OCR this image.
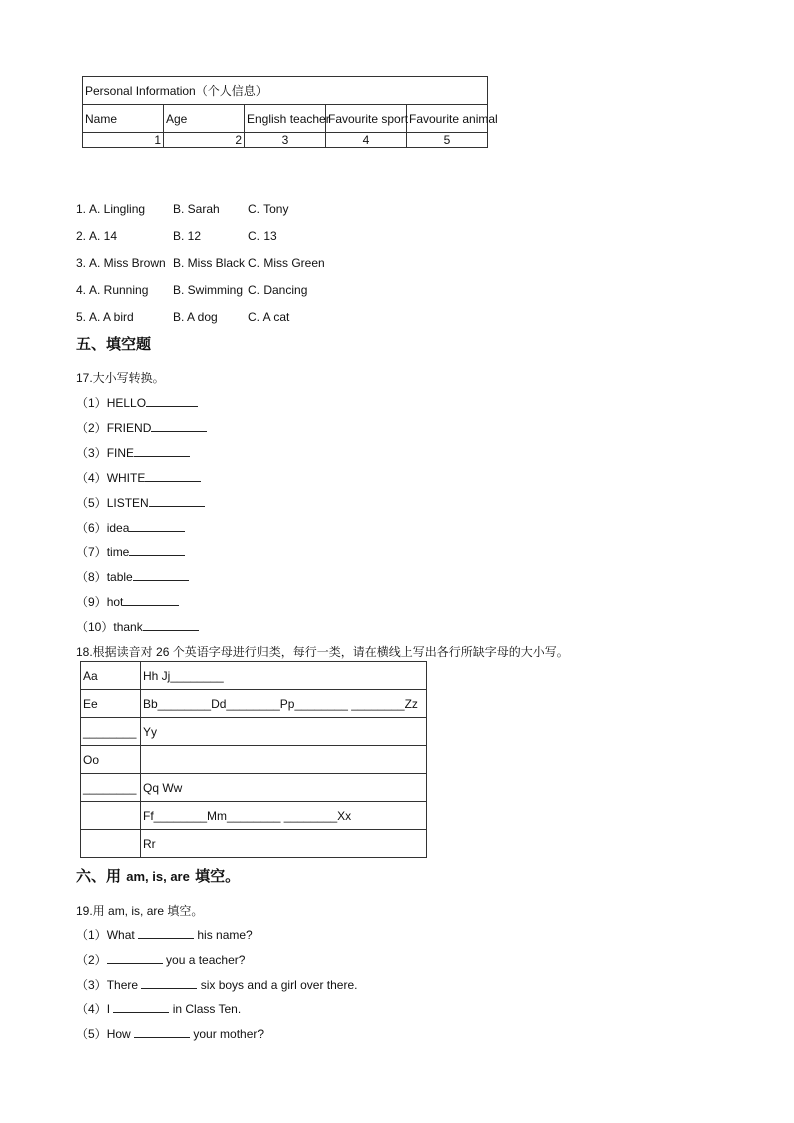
Personal Information（个人信息）				
Name	Age	English teacher	Favourite sport	Favourite animal
1	2	3	4	5
1. A. Lingling B. Sarah C. Tony
2. A. 14	B. 12	C. 13
3. A. Miss Brown B. Miss Black C. Miss Green
4. A. Running B. Swimming C. Dancing
5. A. A bird	B. A dog	C. A cat
五、填空题
17.大小写转换。
（1）HELLO
（2）FRIEND
（3）FINE
（4）WHITE
（5）LISTEN
（6）idea
（7）time
（8）table
（9）hot
（10）thank
18.根据读音对 26 个英语字母进行归类，每行一类，请在横线上写出各行所缺字母的大小写。
Aa	Hh Jj________
Ee	Bb________Dd________Pp________ ________Zz
________	Yy
Oo	
________	Qq Ww
	Ff________Mm________ ________Xx
	Rr
六、用 am, is, are 填空。
19.用 am, is, are 填空。
（1）What	his name?
（2）	you a teacher?
（3）There	six boys and a girl over there.
（4）I	in Class Ten.
（5）How	your mother?
